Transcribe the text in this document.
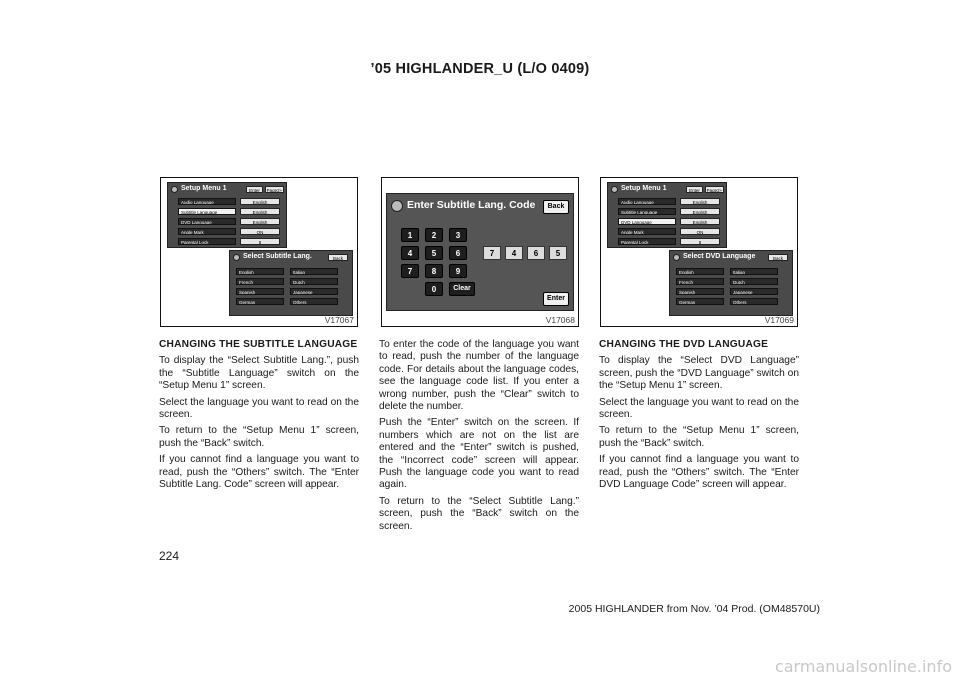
’05 HIGHLANDER_U (L/O 0409)
Setup Menu 1	Enter	Page2+
Audio Language	English
Subtitle Language	English
DVD Language	English
Angle Mark	ON
Parental Lock	8
Select Subtitle Lang.	Back
English	Italian
French	Dutch
Spanish	Japanese
German	Others
V17067
Enter Subtitle Lang. Code	Back
1	2	3
4	5	6
7	8	9
0	Clear
7	4	6	5
Enter
V17068
Setup Menu 1	Enter	Page2+
Audio Language	English
Subtitle Language	English
DVD Language	English
Angle Mark	ON
Parental Lock	8
Select DVD Language	Back
English	Italian
French	Dutch
Spanish	Japanese
German	Others
V17069
CHANGING THE SUBTITLE LANGUAGE

To display the “Select Subtitle Lang.”, push the “Subtitle Language” switch on the “Setup Menu 1” screen.

Select the language you want to read on the screen.

To return to the “Setup Menu 1” screen, push the “Back” switch.

If you cannot find a language you want to read, push the “Others” switch. The “Enter Subtitle Lang. Code” screen will appear.

To enter the code of the language you want to read, push the number of the language code. For details about the language codes, see the language code list. If you enter a wrong number, push the “Clear” switch to delete the number.

Push the “Enter” switch on the screen. If numbers which are not on the list are entered and the “Enter” switch is pushed, the “Incorrect code” screen will appear. Push the language code you want to read again.

To return to the “Select Subtitle Lang.” screen, push the “Back” switch on the screen.

CHANGING THE DVD LANGUAGE

To display the “Select DVD Language” screen, push the “DVD Language” switch on the “Setup Menu 1” screen.

Select the language you want to read on the screen.

To return to the “Setup Menu 1” screen, push the “Back” switch.

If you cannot find a language you want to read, push the “Others” switch. The “Enter DVD Language Code” screen will appear.

224
2005 HIGHLANDER from Nov. ’04 Prod. (OM48570U)
carmanualsonline.info
